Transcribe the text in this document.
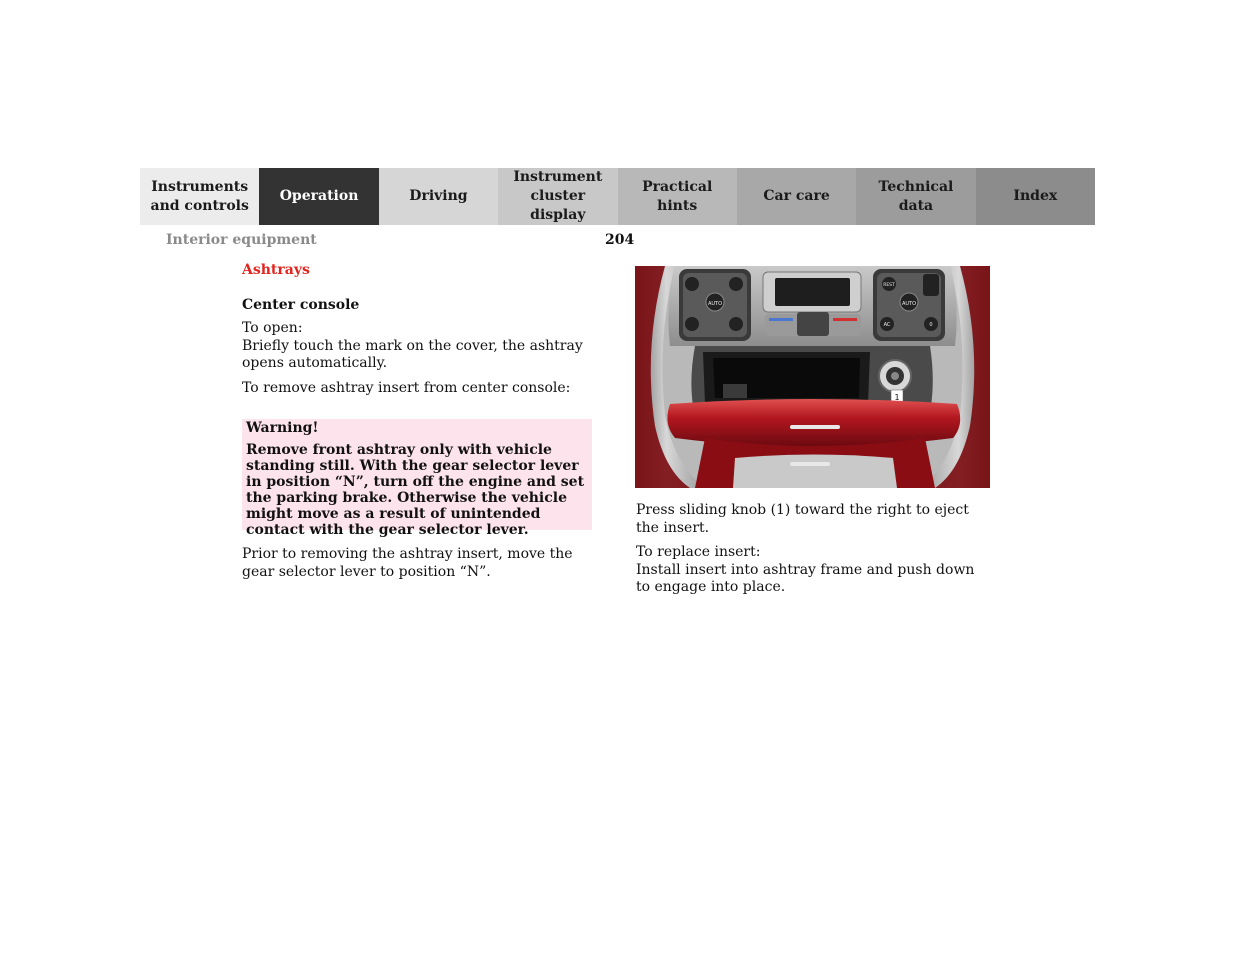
Instruments
and controls
Operation	Driving
Instrument
cluster display
Practical hints
Car care
Technical
data
Index
Interior equipment	204
Ashtrays
Center console
To open:
Briefly touch the mark on the cover, the ashtray opens automatically.
To remove ashtray insert from center console:
Warning!
Remove front ashtray only with vehicle standing still. With the gear selector lever in position “N”, turn off the engine and set the parking brake. Otherwise the vehicle might move as a result of unintended contact with the gear selector lever.
Prior to removing the ashtray insert, move the gear selector lever to position “N”.
AUTO
REST
AUTO
AC	0
1
Press sliding knob (1) toward the right to eject the insert.
To replace insert:
Install insert into ashtray frame and push down to engage into place.
